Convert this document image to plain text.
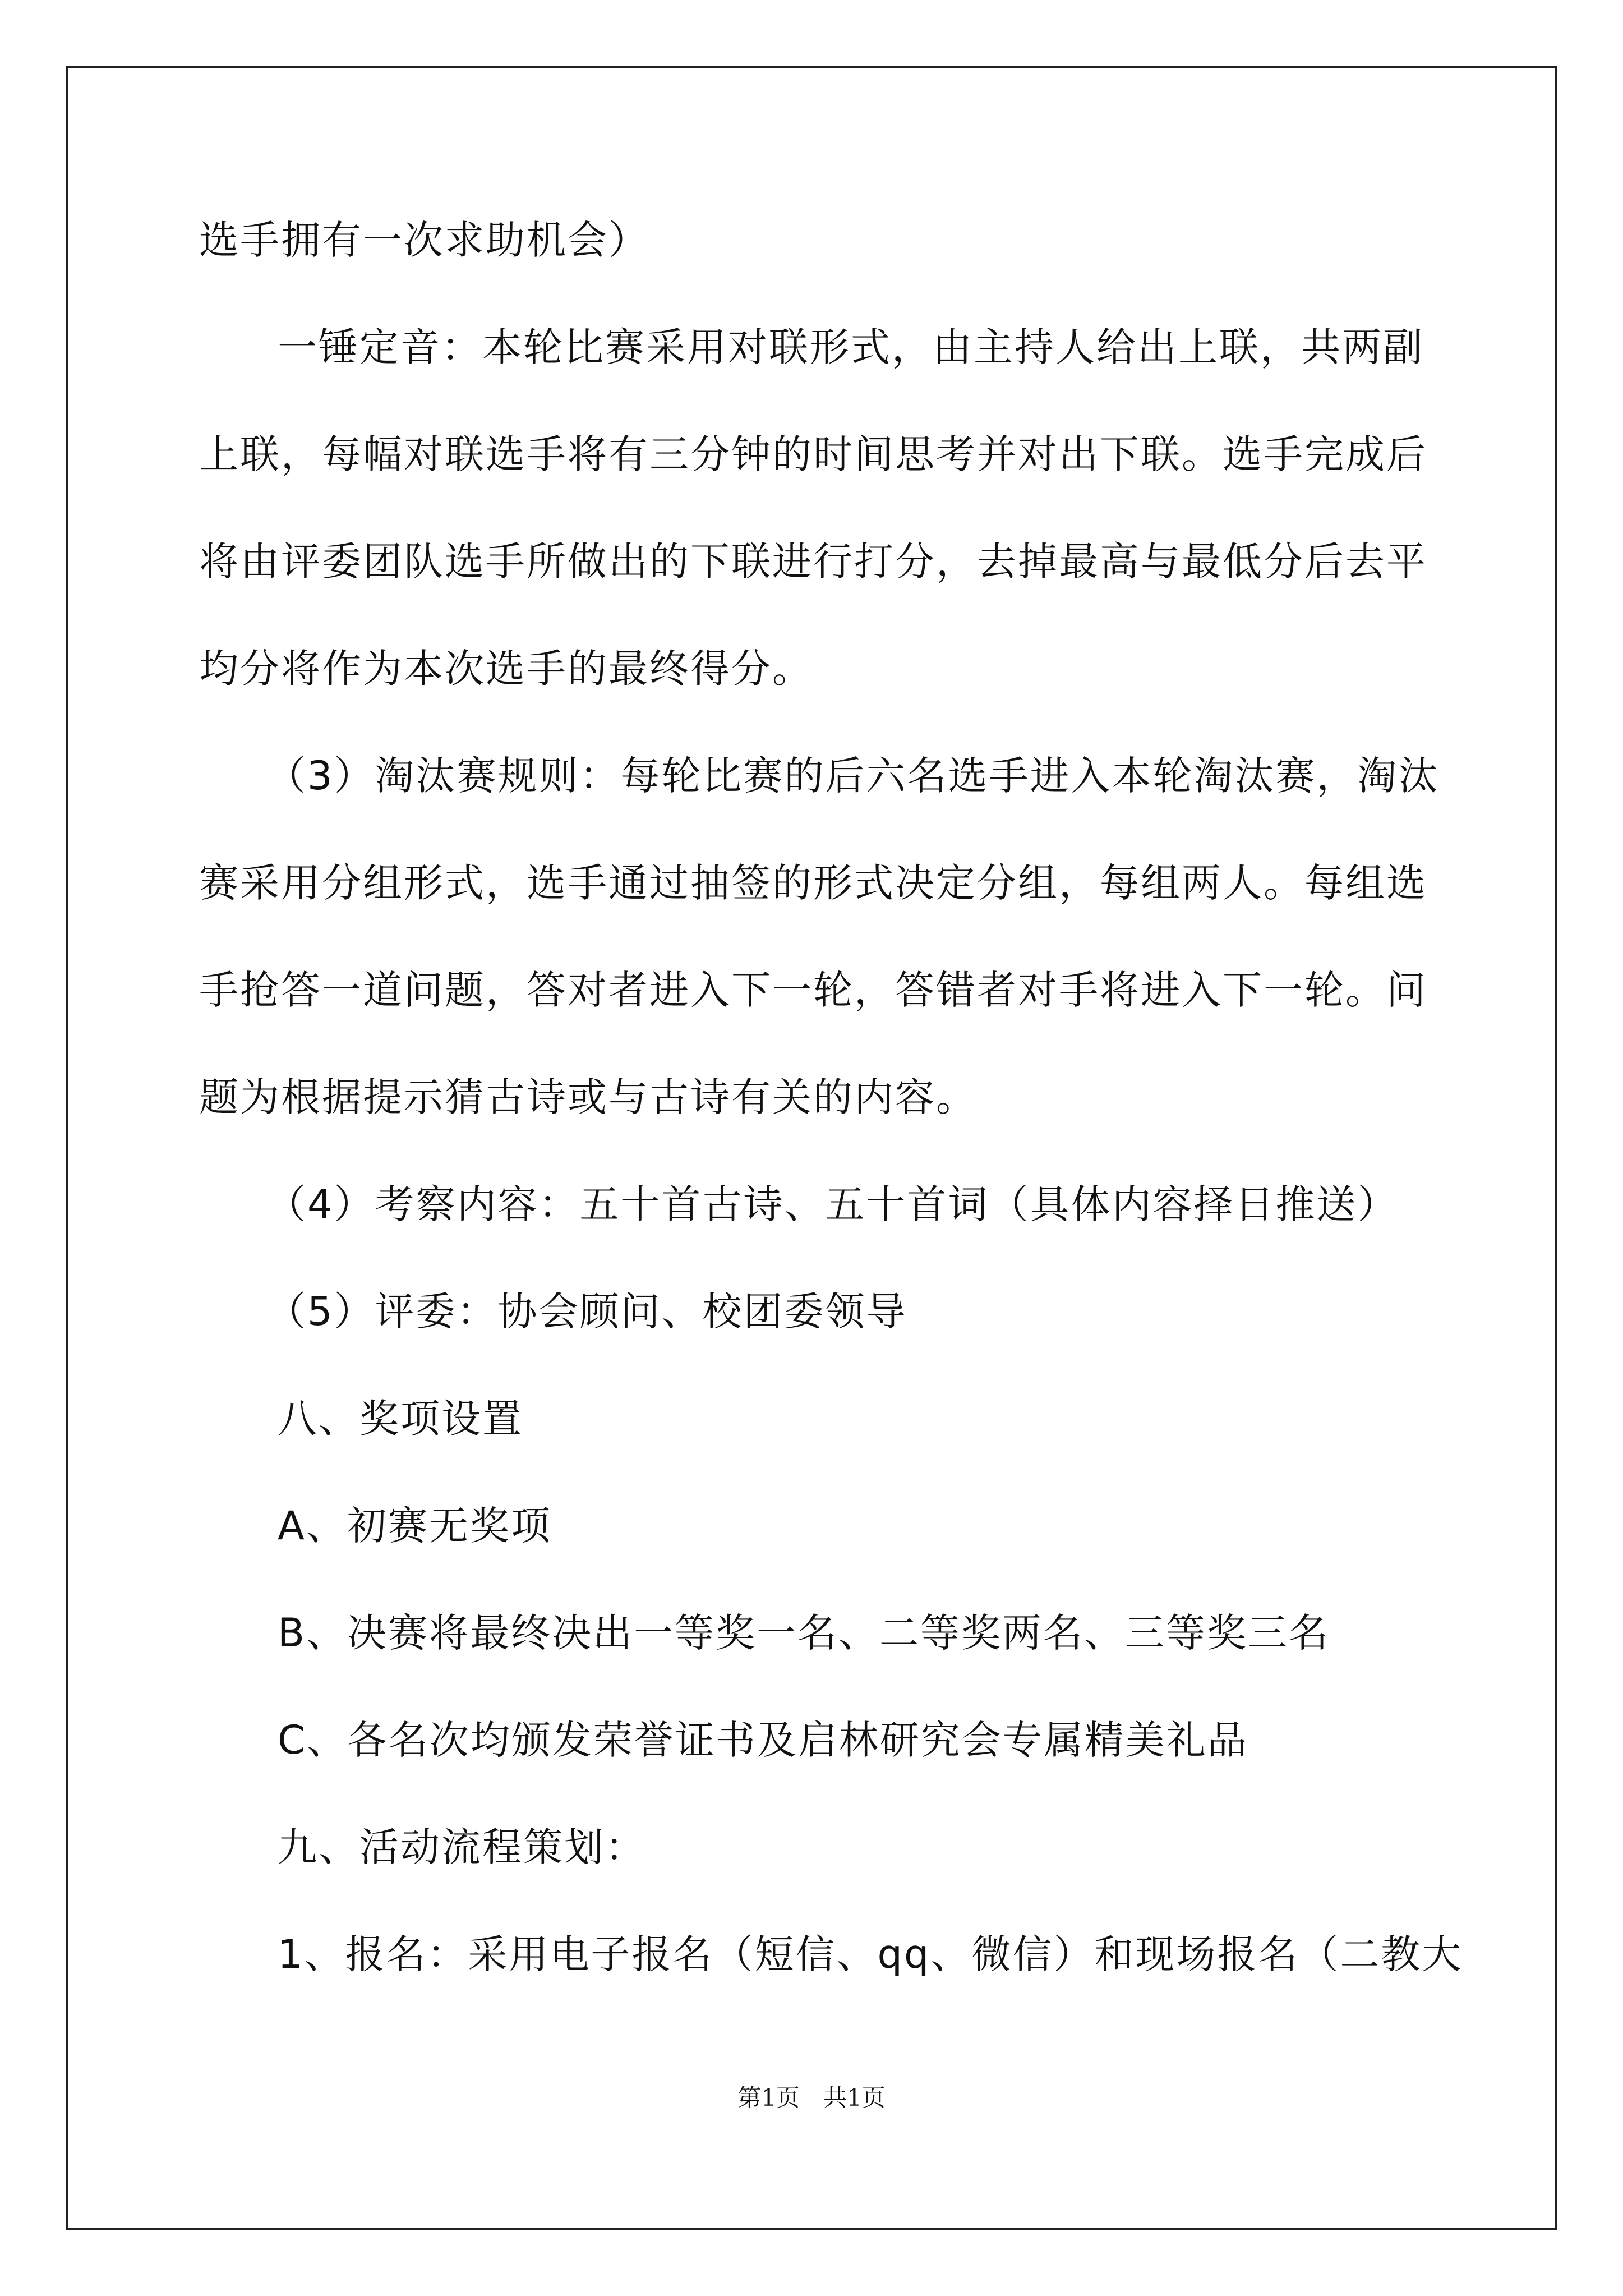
选手拥有一次求助机会）
一锤定音：本轮比赛采用对联形式，由主持人给出上联，共两副
上联，每幅对联选手将有三分钟的时间思考并对出下联。选手完成后
将由评委团队选手所做出的下联进行打分，去掉最高与最低分后去平
均分将作为本次选手的最终得分。
（3）淘汰赛规则：每轮比赛的后六名选手进入本轮淘汰赛，淘汰
赛采用分组形式，选手通过抽签的形式决定分组，每组两人。每组选
手抢答一道问题，答对者进入下一轮，答错者对手将进入下一轮。问
题为根据提示猜古诗或与古诗有关的内容。
（4）考察内容：五十首古诗、五十首词（具体内容择日推送）
（5）评委：协会顾问、校团委领导
八、奖项设置
A、初赛无奖项
B、决赛将最终决出一等奖一名、二等奖两名、三等奖三名
C、各名次均颁发荣誉证书及启林研究会专属精美礼品
九、活动流程策划：
1、报名：采用电子报名（短信、qq、微信）和现场报名（二教大
第1页　共1页
